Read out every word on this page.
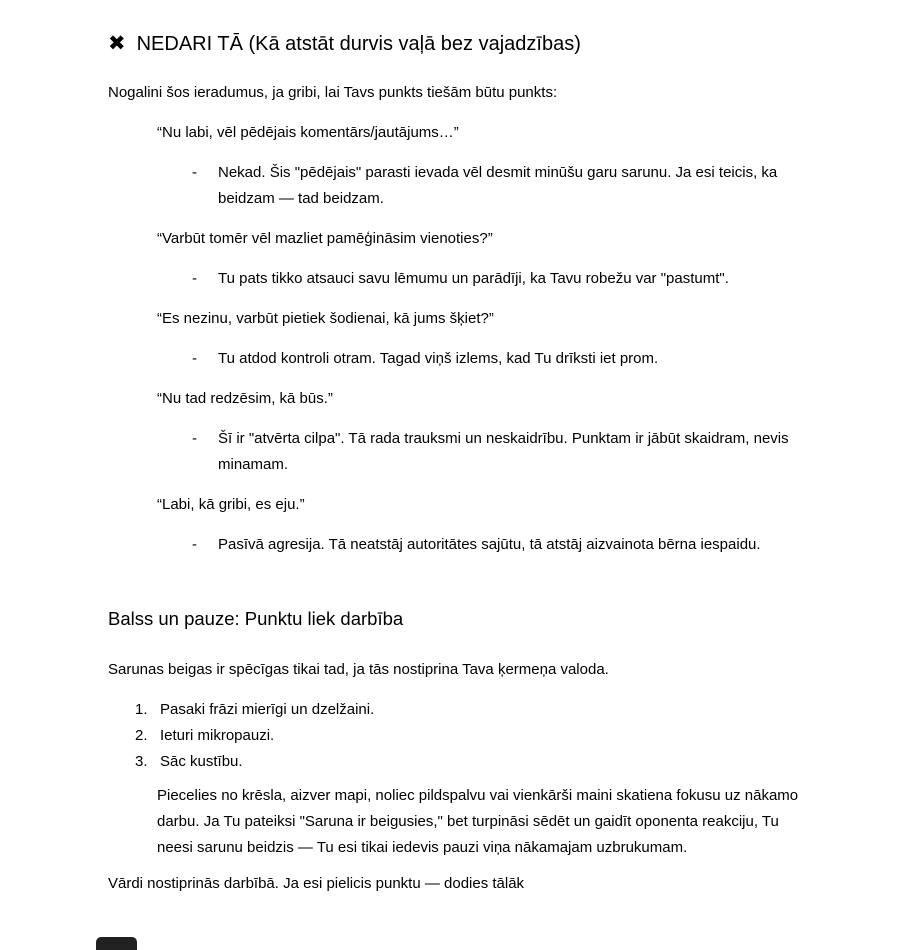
✖ NEDARI TĀ (Kā atstāt durvis vaļā bez vajadzības)

Nogalini šos ieradumus, ja gribi, lai Tavs punkts tiešām būtu punkts:

“Nu labi, vēl pēdējais komentārs/jautājums…”

-	Nekad. Šis "pēdējais" parasti ievada vēl desmit minūšu garu sarunu. Ja esi teicis, ka beidzam — tad beidzam.

“Varbūt tomēr vēl mazliet pamēģināsim vienoties?”

-	Tu pats tikko atsauci savu lēmumu un parādīji, ka Tavu robežu var "pastumt".

“Es nezinu, varbūt pietiek šodienai, kā jums šķiet?”

-	Tu atdod kontroli otram. Tagad viņš izlems, kad Tu drīksti iet prom.

“Nu tad redzēsim, kā būs.”

-	Šī ir "atvērta cilpa". Tā rada trauksmi un neskaidrību. Punktam ir jābūt skaidram, nevis minamam.

“Labi, kā gribi, es eju.”

-	Pasīvā agresija. Tā neatstāj autoritātes sajūtu, tā atstāj aizvainota bērna iespaidu.
Balss un pauze: Punktu liek darbība

Sarunas beigas ir spēcīgas tikai tad, ja tās nostiprina Tava ķermeņa valoda.

1. Pasaki frāzi mierīgi un dzelžaini.
2. Ieturi mikropauzi.
3. Sāc kustību.

Piecelies no krēsla, aizver mapi, noliec pildspalvu vai vienkārši maini skatiena fokusu uz nākamo darbu. Ja Tu pateiksi "Saruna ir beigusies," bet turpināsi sēdēt un gaidīt oponenta reakciju, Tu neesi sarunu beidzis — Tu esi tikai iedevis pauzi viņa nākamajam uzbrukumam.

Vārdi nostiprinās darbībā. Ja esi pielicis punktu — dodies tālāk
